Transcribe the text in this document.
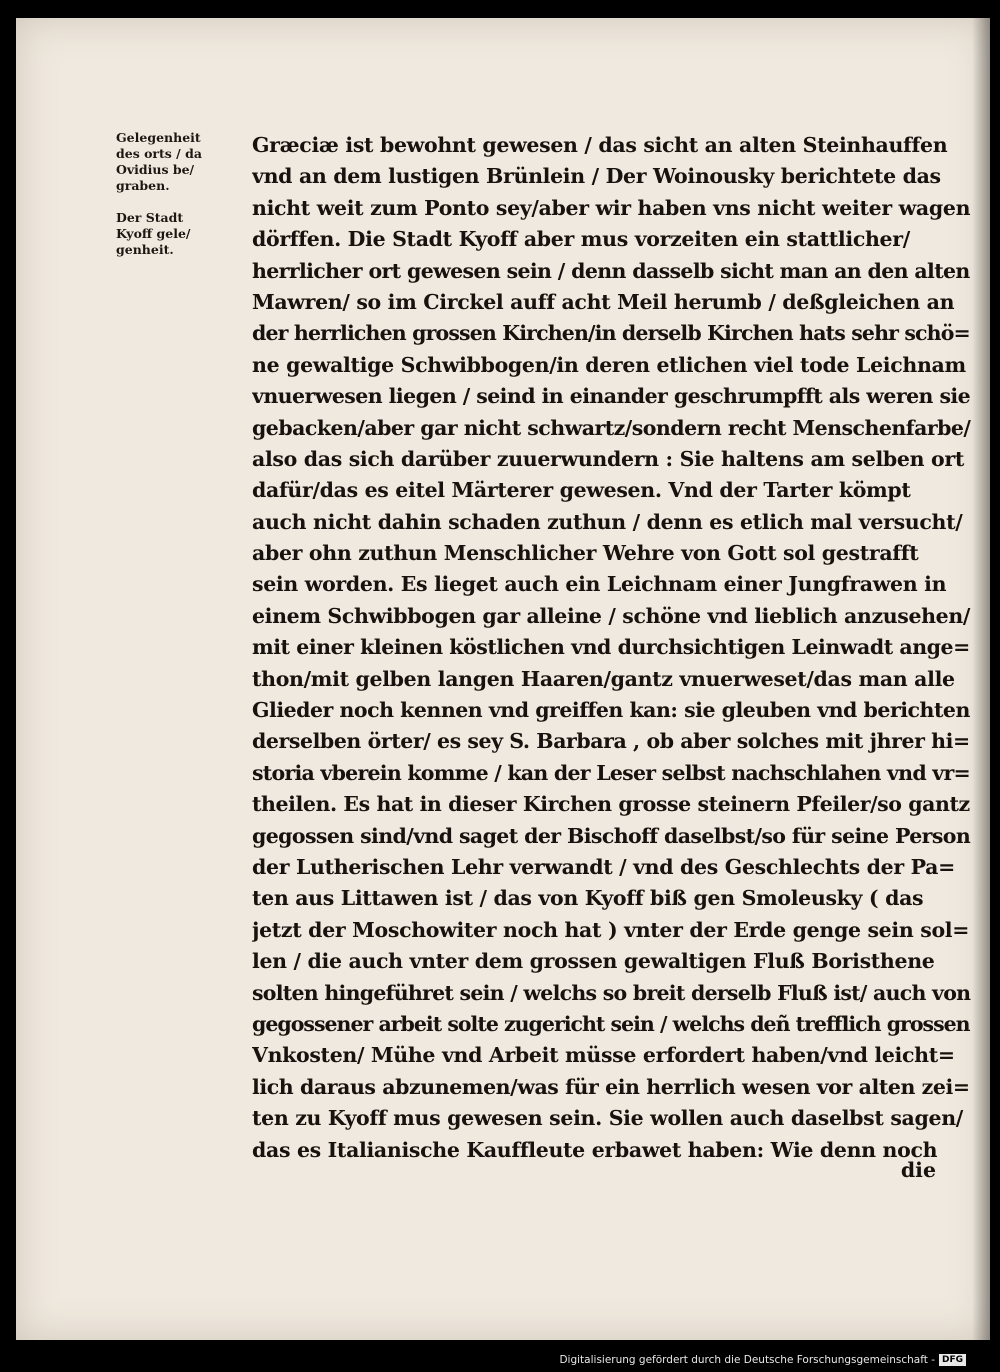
Gelegenheit
des orts / da
Ovidius be/
graben.
Der Stadt
Kyoff gele/
genheit.
Græciæ ist bewohnt gewesen / das sicht an alten Steinhauffen
vnd an dem lustigen Brünlein / Der Woinousky berichtete das
nicht weit zum Ponto sey/aber wir haben vns nicht weiter wagen
dörffen. Die Stadt Kyoff aber mus vorzeiten ein stattlicher/
herrlicher ort gewesen sein / denn dasselb sicht man an den alten
Mawren/ so im Circkel auff acht Meil herumb / deßgleichen an
der herrlichen grossen Kirchen/in derselb Kirchen hats sehr schö=
ne gewaltige Schwibbogen/in deren etlichen viel tode Leichnam
vnuerwesen liegen / seind in einander geschrumpfft als weren sie
gebacken/aber gar nicht schwartz/sondern recht Menschenfarbe/
also das sich darüber zuuerwundern : Sie haltens am selben ort
dafür/das es eitel Märterer gewesen. Vnd der Tarter kömpt
auch nicht dahin schaden zuthun / denn es etlich mal versucht/
aber ohn zuthun Menschlicher Wehre von Gott sol gestrafft
sein worden. Es lieget auch ein Leichnam einer Jungfrawen in
einem Schwibbogen gar alleine / schöne vnd lieblich anzusehen/
mit einer kleinen köstlichen vnd durchsichtigen Leinwadt ange=
thon/mit gelben langen Haaren/gantz vnuerweset/das man alle
Glieder noch kennen vnd greiffen kan: sie gleuben vnd berichten
derselben örter/ es sey S. Barbara , ob aber solches mit jhrer hi=
storia vberein komme / kan der Leser selbst nachschlahen vnd vr=
theilen. Es hat in dieser Kirchen grosse steinern Pfeiler/so gantz
gegossen sind/vnd saget der Bischoff daselbst/so für seine Person
der Lutherischen Lehr verwandt / vnd des Geschlechts der Pa=
ten aus Littawen ist / das von Kyoff biß gen Smoleusky ( das
jetzt der Moschowiter noch hat ) vnter der Erde genge sein sol=
len / die auch vnter dem grossen gewaltigen Fluß Boristhene
solten hingeführet sein / welchs so breit derselb Fluß ist/ auch von
gegossener arbeit solte zugericht sein / welchs deñ trefflich grossen
Vnkosten/ Mühe vnd Arbeit müsse erfordert haben/vnd leicht=
lich daraus abzunemen/was für ein herrlich wesen vor alten zei=
ten zu Kyoff mus gewesen sein. Sie wollen auch daselbst sagen/
das es Italianische Kauffleute erbawet haben: Wie denn noch
die
Digitalisierung gefördert durch die Deutsche Forschungsgemeinschaft - DFG
